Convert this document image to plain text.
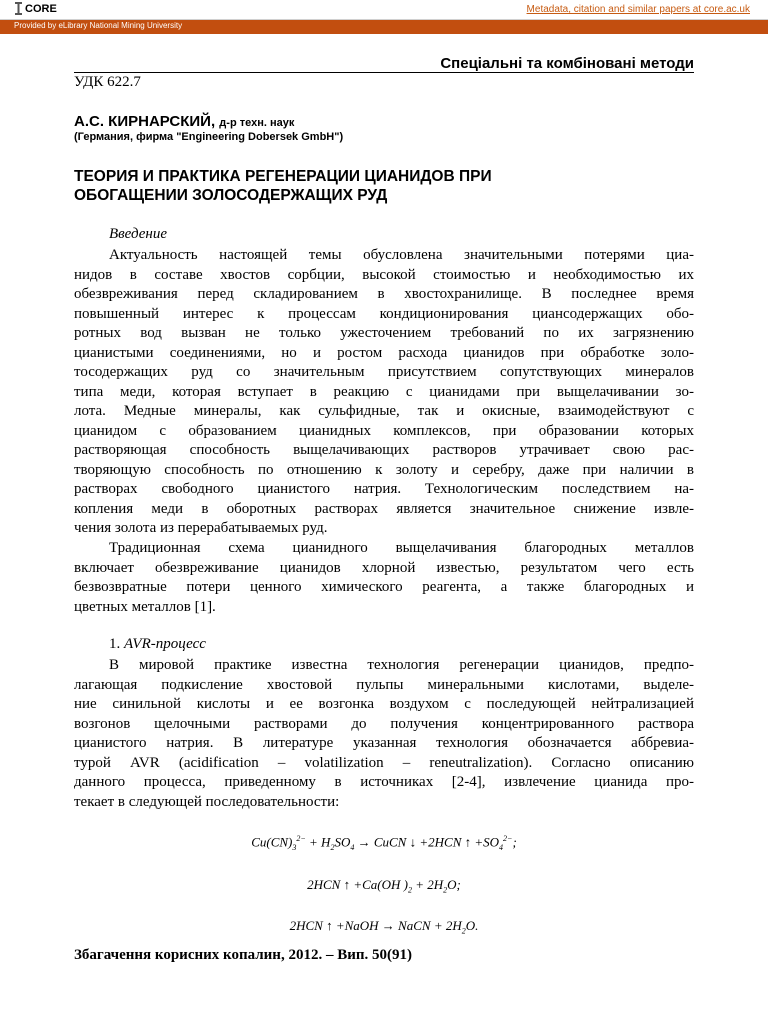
CORE	Metadata, citation and similar papers at core.ac.uk
Provided by eLibrary National Mining University
Спеціальні та комбіновані методи
УДК 622.7
А.С. КИРНАРСКИЙ, д-р техн. наук
(Германия, фирма "Engineering Dobersek GmbH")
ТЕОРИЯ И ПРАКТИКА РЕГЕНЕРАЦИИ ЦИАНИДОВ ПРИ
ОБОГАЩЕНИИ ЗОЛОСОДЕРЖАЩИХ РУД
Введение
Актуальность настоящей темы обусловлена значительными потерями циа-
нидов в составе хвостов сорбции, высокой стоимостью и необходимостью их
обезвреживания перед складированием в хвостохранилище. В последнее время
повышенный интерес к процессам кондиционирования циансодержащих обо-
ротных вод вызван не только ужесточением требований по их загрязнению
цианистыми соединениями, но и ростом расхода цианидов при обработке золо-
тосодержащих руд со значительным присутствием сопутствующих минералов
типа меди, которая вступает в реакцию с цианидами при выщелачивании зо-
лота. Медные минералы, как сульфидные, так и окисные, взаимодействуют с
цианидом с образованием цианидных комплексов, при образовании которых
растворяющая способность выщелачивающих растворов утрачивает свою рас-
творяющую способность по отношению к золоту и серебру, даже при наличии в
растворах свободного цианистого натрия. Технологическим последствием на-
копления меди в оборотных растворах является значительное снижение извле-
чения золота из перерабатываемых руд.
Традиционная схема цианидного выщелачивания благородных металлов
включает обезвреживание цианидов хлорной известью, результатом чего есть
безвозвратные потери ценного химического реагента, а также благородных и
цветных металлов [1].
1. AVR-процесс
В мировой практике известна технология регенерации цианидов, предпо-
лагающая подкисление хвостовой пульпы минеральными кислотами, выделе-
ние синильной кислоты и ее возгонка воздухом с последующей нейтрализацией
возгонов щелочными растворами до получения концентрированного раствора
цианистого натрия. В литературе указанная технология обозначается аббревиа-
турой AVR (acidification – volatilization – reneutralization). Согласно описанию
данного процесса, приведенному в источниках [2-4], извлечение цианида про-
текает в следующей последовательности:
$Cu(CN)_3^{2-} + H_2SO_4$ → CuCN ↓ +2HCN ↑ $+SO_4^{2-}$;
2HCN ↑ +Ca(OH )$_2 + 2H_2O$;
2HCN ↑ +NaOH → NaCN + $2H_2O$.
Збагачення корисних копалин, 2012. – Вип. 50(91)
